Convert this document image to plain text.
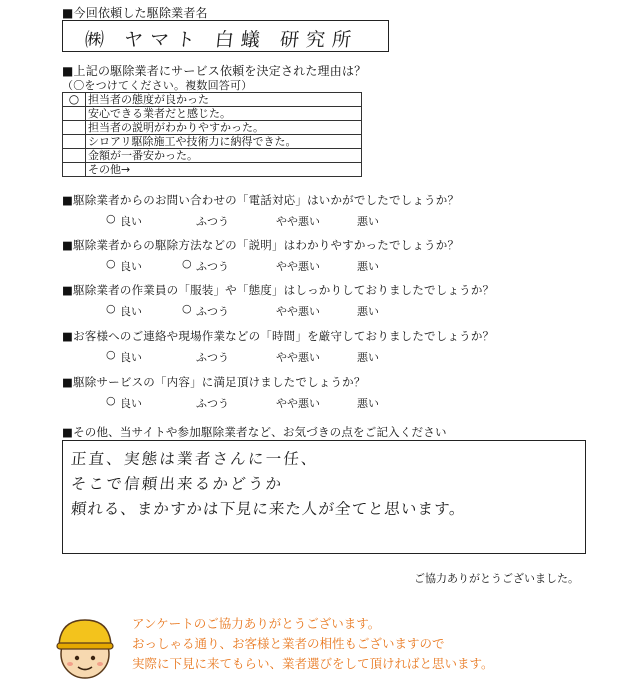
■今回依頼した駆除業者名
㈱ ヤマト 白蟻 研究所
■上記の駆除業者にサービス依頼を決定された理由は？
（〇をつけてください。複数回答可）
○	担当者の態度が良かった
	安心できる業者だと感じた。
	担当者の説明がわかりやすかった。
	シロアリ駆除施工や技術力に納得できた。
	金額が一番安かった。
	その他→
■駆除業者からのお問い合わせの「電話対応」はいかがでしたでしょうか？
良い
○	ふつう	やや悪い	悪い
■駆除業者からの駆除方法などの「説明」はわかりやすかったでしょうか？
良い
○	ふつう
○	やや悪い	悪い
■駆除業者の作業員の「服装」や「態度」はしっかりしておりましたでしょうか？
良い
○	ふつう
○	やや悪い	悪い
■お客様へのご連絡や現場作業などの「時間」を厳守しておりましたでしょうか？
良い
○	ふつう	やや悪い	悪い
■駆除サービスの「内容」に満足頂けましたでしょうか？
良い
○	ふつう	やや悪い	悪い
■その他、当サイトや参加駆除業者など、お気づきの点をご記入ください
正直、実態は業者さんに一任、
そこで信頼出来るかどうか
頼れる、まかすかは下見に来た人が全てと思います。
ご協力ありがとうございました。
アンケートのご協力ありがとうございます。
おっしゃる通り、お客様と業者の相性もございますので
実際に下見に来てもらい、業者選びをして頂ければと思います。
